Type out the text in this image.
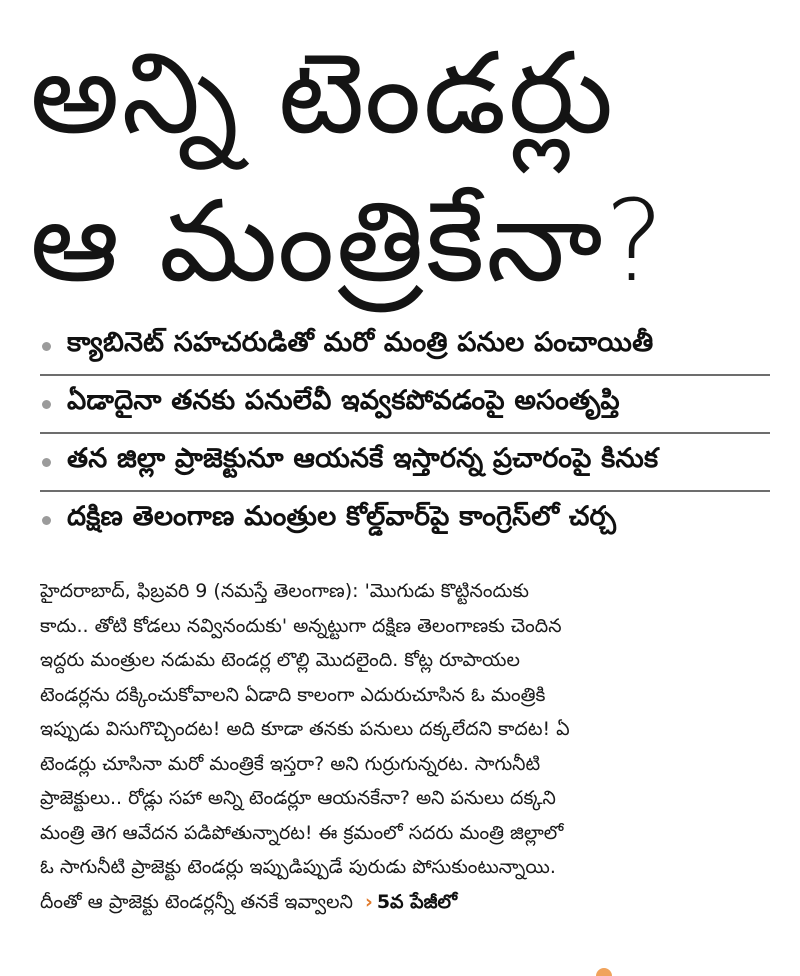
అన్ని టెండర్లు
ఆ మంత్రికేనా?
క్యాబినెట్ సహచరుడితో మరో మంత్రి పనుల పంచాయితీ
ఏడాదైనా తనకు పనులేవీ ఇవ్వకపోవడంపై అసంతృప్తి
తన జిల్లా ప్రాజెక్టునూ ఆయనకే ఇస్తారన్న ప్రచారంపై కినుక
దక్షిణ తెలంగాణ మంత్రుల కోల్డ్‌వార్‌పై కాంగ్రెస్‌లో చర్చ
హైదరాబాద్, ఫిబ్రవరి 9 (నమస్తే తెలంగాణ): 'మొగుడు కొట్టినందుకు
కాదు.. తోటి కోడలు నవ్వినందుకు' అన్నట్టుగా దక్షిణ తెలంగాణకు చెందిన
ఇద్దరు మంత్రుల నడుమ టెండర్ల లొల్లి మొదలైంది. కోట్ల రూపాయల
టెండర్లను దక్కించుకోవాలని ఏడాది కాలంగా ఎదురుచూసిన ఓ మంత్రికి
ఇప్పుడు విసుగొచ్చిందట! అది కూడా తనకు పనులు దక్కలేదని కాదట! ఏ
టెండర్లు చూసినా మరో మంత్రికే ఇస్తరా? అని గుర్రుగున్నరట. సాగునీటి
ప్రాజెక్టులు.. రోడ్లు సహా అన్ని టెండర్లూ ఆయనకేనా? అని పనులు దక్కని
మంత్రి తెగ ఆవేదన పడిపోతున్నారట! ఈ క్రమంలో సదరు మంత్రి జిల్లాలో
ఓ సాగునీటి ప్రాజెక్టు టెండర్లు ఇప్పుడిప్పుడే పురుడు పోసుకుంటున్నాయి.
దీంతో ఆ ప్రాజెక్టు టెండర్లన్నీ తనకే ఇవ్వాలని › 5వ పేజీలో
